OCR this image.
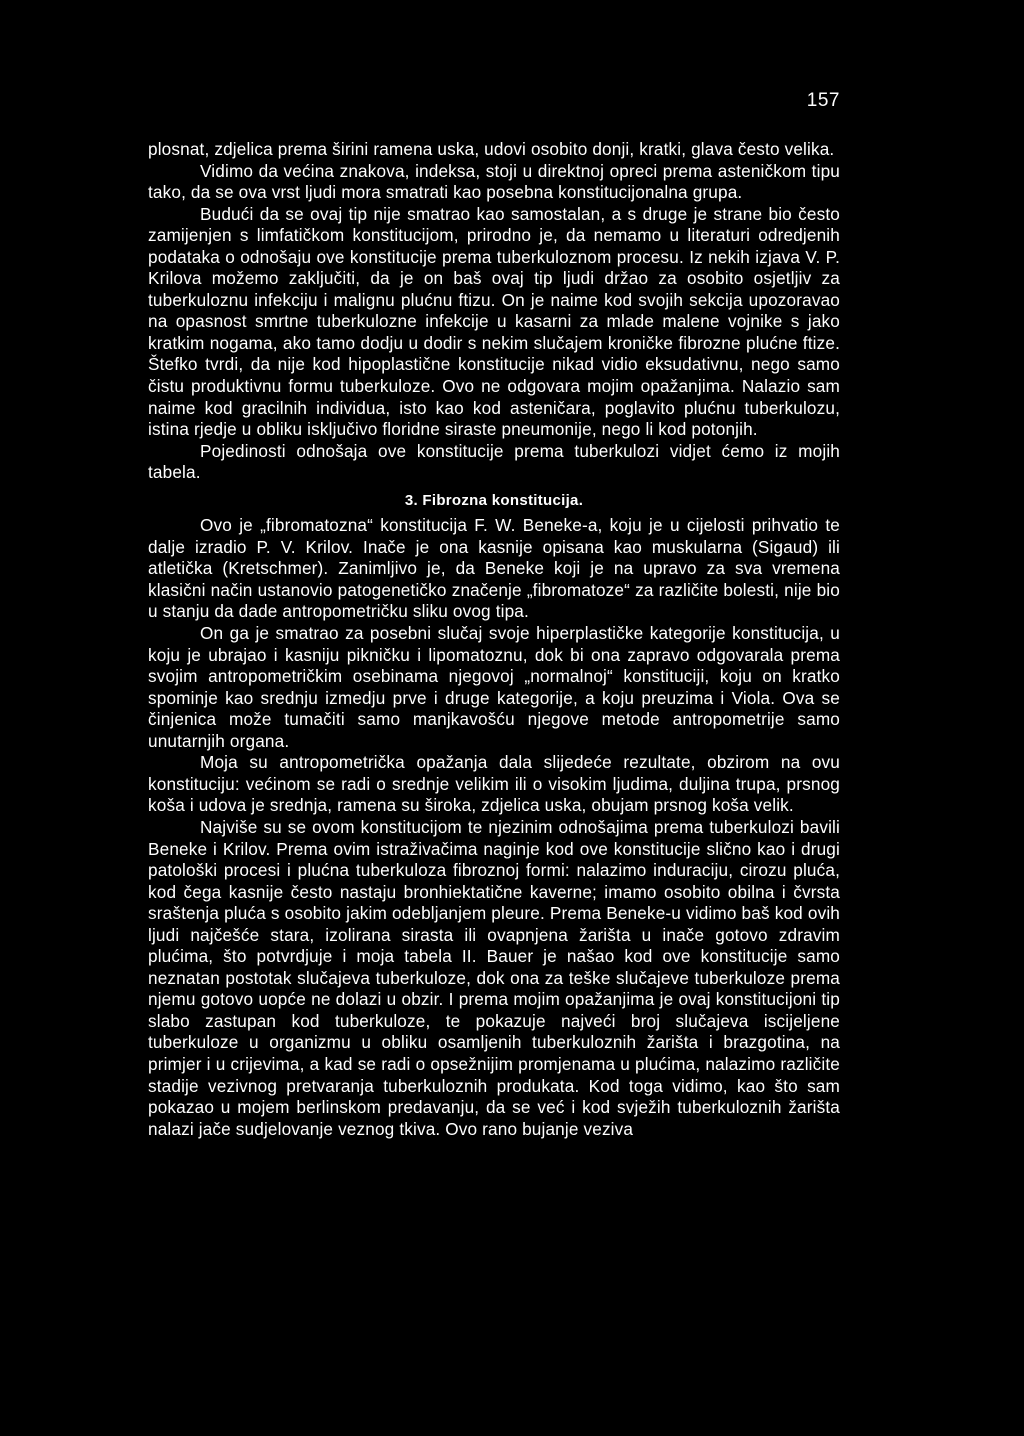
157

plosnat, zdjelica prema širini ramena uska, udovi osobito donji, kratki, glava često velika.

Vidimo da većina znakova, indeksa, stoji u direktnoj opreci prema asteničkom tipu tako, da se ova vrst ljudi mora smatrati kao posebna konstitucijonalna grupa.

Budući da se ovaj tip nije smatrao kao samostalan, a s druge je strane bio često zamijenjen s limfatičkom konstitucijom, prirodno je, da nemamo u literaturi odredjenih podataka o odnošaju ove konstitucije prema tuberkuloznom procesu. Iz nekih izjava V. P. Krilova možemo zaključiti, da je on baš ovaj tip ljudi držao za osobito osjetljiv za tuberkuloznu infekciju i malignu plućnu ftizu. On je naime kod svojih sekcija upozoravao na opasnost smrtne tuberkulozne infekcije u kasarni za mlade malene vojnike s jako kratkim nogama, ako tamo dodju u dodir s nekim slučajem kroničke fibrozne plućne ftize. Štefko tvrdi, da nije kod hipoplastične konstitucije nikad vidio eksudativnu, nego samo čistu produktivnu formu tuberkuloze. Ovo ne odgovara mojim opažanjima. Nalazio sam naime kod gracilnih individua, isto kao kod asteničara, poglavito plućnu tuberkulozu, istina rjedje u obliku isključivo floridne siraste pneumonije, nego li kod potonjih.

Pojedinosti odnošaja ove konstitucije prema tuberkulozi vidjet ćemo iz mojih tabela.

3. Fibrozna konstitucija.

Ovo je „fibromatozna“ konstitucija F. W. Beneke-a, koju je u cijelosti prihvatio te dalje izradio P. V. Krilov. Inače je ona kasnije opisana kao muskularna (Sigaud) ili atletička (Kretschmer). Zanimljivo je, da Beneke koji je na upravo za sva vremena klasični način ustanovio patogenetičko značenje „fibromatoze“ za različite bolesti, nije bio u stanju da dade antropometričku sliku ovog tipa.

On ga je smatrao za posebni slučaj svoje hiperplastičke kategorije konstitucija, u koju je ubrajao i kasniju pikničku i lipomatoznu, dok bi ona zapravo odgovarala prema svojim antropometričkim osebinama njegovoj „normalnoj“ konstituciji, koju on kratko spominje kao srednju izmedju prve i druge kategorije, a koju preuzima i Viola. Ova se činjenica može tumačiti samo manjkavošću njegove metode antropometrije samo unutarnjih organa.

Moja su antropometrička opažanja dala slijedeće rezultate, obzirom na ovu konstituciju: većinom se radi o srednje velikim ili o visokim ljudima, duljina trupa, prsnog koša i udova je srednja, ramena su široka, zdjelica uska, obujam prsnog koša velik.

Najviše su se ovom konstitucijom te njezinim odnošajima prema tuberkulozi bavili Beneke i Krilov. Prema ovim istraživačima naginje kod ove konstitucije slično kao i drugi patološki procesi i plućna tuberkuloza fibroznoj formi: nalazimo induraciju, cirozu pluća, kod čega kasnije često nastaju bronhiektatične kaverne; imamo osobito obilna i čvrsta sraštenja pluća s osobito jakim odebljanjem pleure. Prema Beneke-u vidimo baš kod ovih ljudi najčešće stara, izolirana sirasta ili ovapnjena žarišta u inače gotovo zdravim plućima, što potvrdjuje i moja tabela II. Bauer je našao kod ove konstitucije samo neznatan postotak slučajeva tuberkuloze, dok ona za teške slučajeve tuberkuloze prema njemu gotovo uopće ne dolazi u obzir. I prema mojim opažanjima je ovaj konstitucijoni tip slabo zastupan kod tuberkuloze, te pokazuje najveći broj slučajeva iscijeljene tuberkuloze u organizmu u obliku osamljenih tuberkuloznih žarišta i brazgotina, na primjer i u crijevima, a kad se radi o opsežnijim promjenama u plućima, nalazimo različite stadije vezivnog pretvaranja tuberkuloznih produkata. Kod toga vidimo, kao što sam pokazao u mojem berlinskom predavanju, da se već i kod svježih tuberkuloznih žarišta nalazi jače sudjelovanje veznog tkiva. Ovo rano bujanje veziva
